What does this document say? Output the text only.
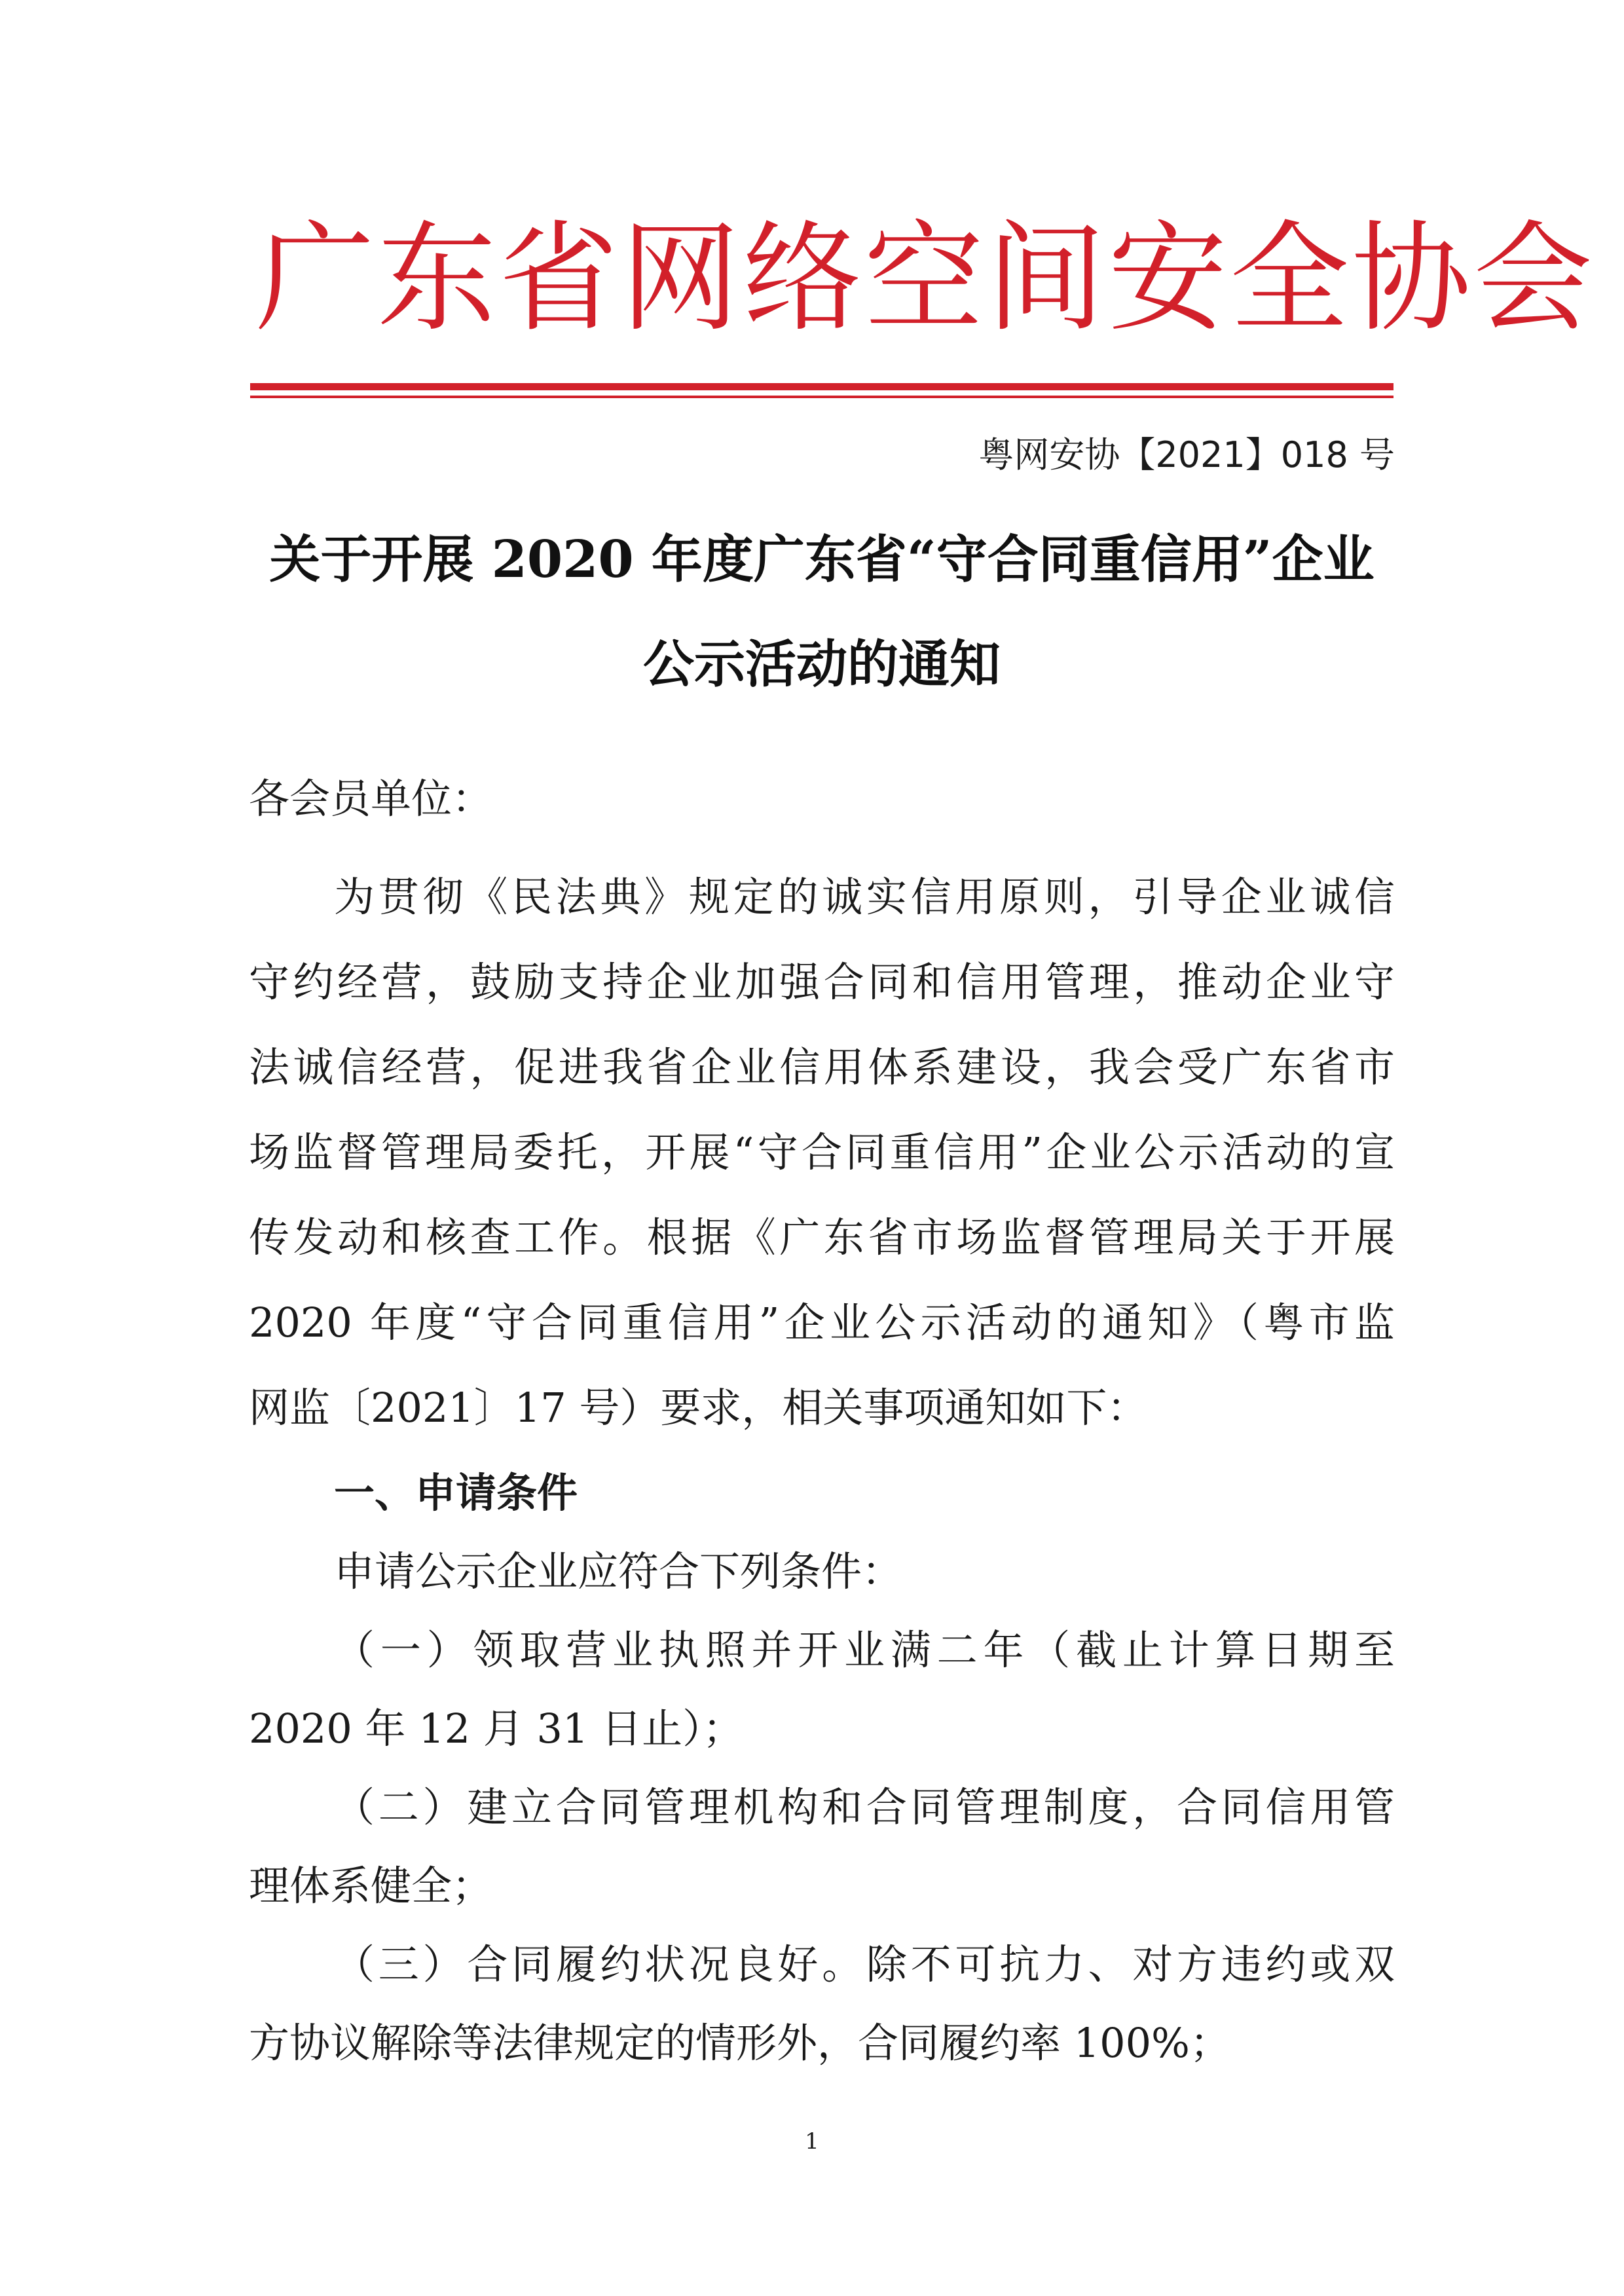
广东省网络空间安全协会
粤网安协【2021】018 号
关于开展 2020 年度广东省“守合同重信用”企业
公示活动的通知
各会员单位：
为贯彻《民法典》规定的诚实信用原则，引导企业诚信
守约经营，鼓励支持企业加强合同和信用管理，推动企业守
法诚信经营，促进我省企业信用体系建设，我会受广东省市
场监督管理局委托，开展“守合同重信用”企业公示活动的宣
传发动和核查工作。根据《广东省市场监督管理局关于开展
2020 年度“守合同重信用”企业公示活动的通知》（粤市监
网监〔2021〕17 号）要求，相关事项通知如下：
一、申请条件
申请公示企业应符合下列条件：
（一）领取营业执照并开业满二年（截止计算日期至
2020 年 12 月 31 日止）；
（二）建立合同管理机构和合同管理制度，合同信用管
理体系健全；
（三）合同履约状况良好。除不可抗力、对方违约或双
方协议解除等法律规定的情形外，合同履约率 100%；
1
